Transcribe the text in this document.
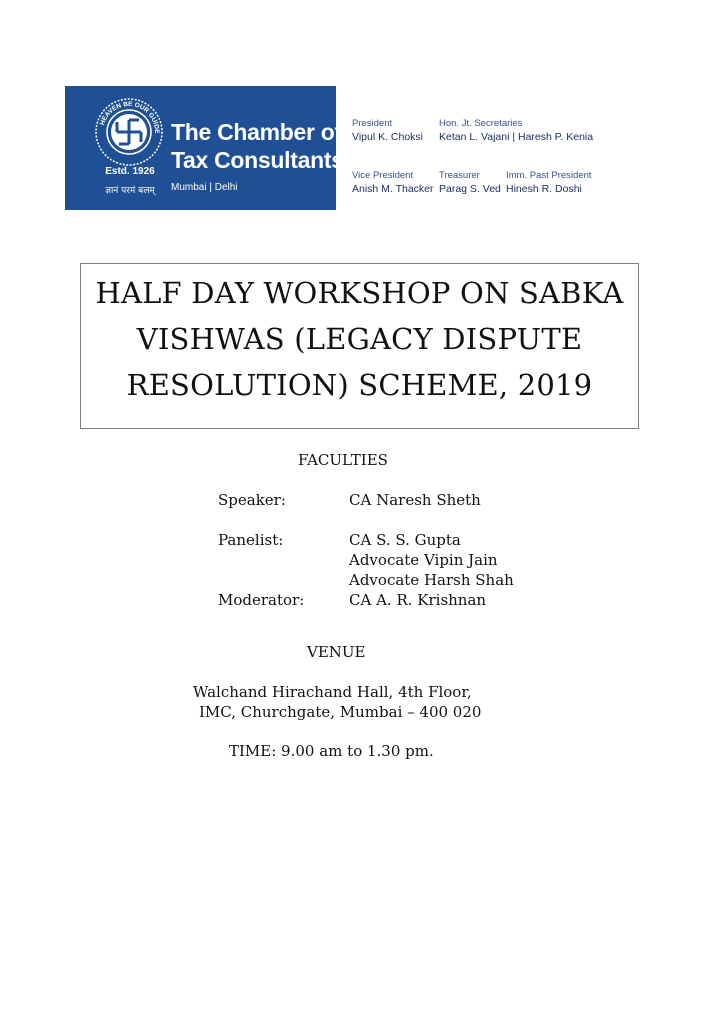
HEAVEN BE OUR GUIDE
Estd. 1926
ज्ञानं परमं बलम्
The Chamber of
Tax Consultants
Mumbai | Delhi
President
Vipul K. Choksi
Hon. Jt. Secretaries
Ketan L. Vajani | Haresh P. Kenia
Vice President
Anish M. Thacker
Treasurer
Parag S. Ved
Imm. Past President
Hinesh R. Doshi
HALF DAY WORKSHOP ON SABKA
VISHWAS (LEGACY DISPUTE
RESOLUTION) SCHEME, 2019
FACULTIES
Speaker:	CA Naresh Sheth
Panelist:	CA S. S. Gupta
Advocate Vipin Jain
Advocate Harsh Shah
Moderator:	CA A. R. Krishnan
VENUE
Walchand Hirachand Hall, 4th Floor,
IMC, Churchgate, Mumbai – 400 020
TIME: 9.00 am to 1.30 pm.
